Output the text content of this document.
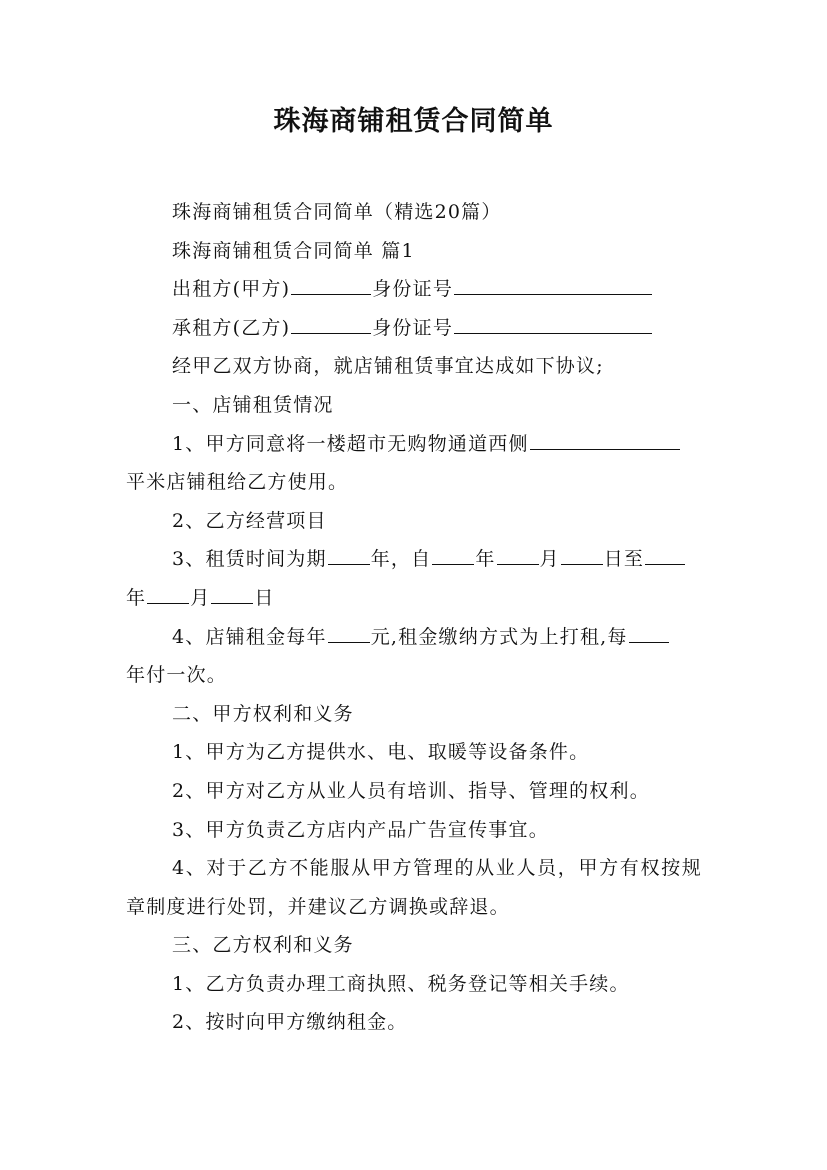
珠海商铺租赁合同简单
珠海商铺租赁合同简单（精选20篇）
珠海商铺租赁合同简单 篇1
出租方(甲方)	身份证号
承租方(乙方)	身份证号
经甲乙双方协商，就店铺租赁事宜达成如下协议;
一、店铺租赁情况
1、甲方同意将一楼超市无购物通道西侧
平米店铺租给乙方使用。
2、乙方经营项目
3、租赁时间为期 年，自 年 月 日至
年 月 日
4、店铺租金每年 元,租金缴纳方式为上打租,每
年付一次。
二、甲方权利和义务
1、甲方为乙方提供水、电、取暖等设备条件。
2、甲方对乙方从业人员有培训、指导、管理的权利。
3、甲方负责乙方店内产品广告宣传事宜。
4、对于乙方不能服从甲方管理的从业人员，甲方有权按规章制度进行处罚，并建议乙方调换或辞退。
三、乙方权利和义务
1、乙方负责办理工商执照、税务登记等相关手续。
2、按时向甲方缴纳租金。
